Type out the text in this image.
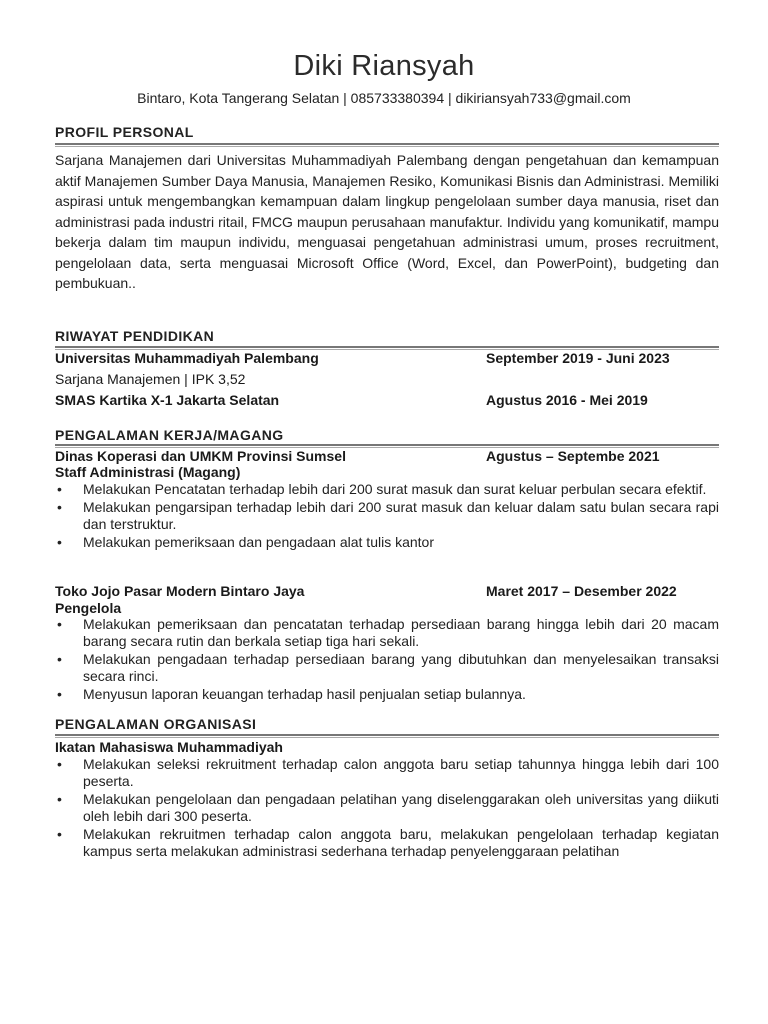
Diki Riansyah
Bintaro, Kota Tangerang Selatan | 085733380394 | dikiriansyah733@gmail.com
PROFIL PERSONAL
Sarjana Manajemen dari Universitas Muhammadiyah Palembang dengan pengetahuan dan kemampuan aktif Manajemen Sumber Daya Manusia, Manajemen Resiko, Komunikasi Bisnis dan Administrasi. Memiliki aspirasi untuk mengembangkan kemampuan dalam lingkup pengelolaan sumber daya manusia, riset dan administrasi pada industri ritail, FMCG maupun perusahaan manufaktur. Individu yang komunikatif, mampu bekerja dalam tim maupun individu, menguasai pengetahuan administrasi umum, proses recruitment, pengelolaan data, serta menguasai Microsoft Office (Word, Excel, dan PowerPoint), budgeting dan pembukuan..
RIWAYAT PENDIDIKAN
Universitas Muhammadiyah Palembang	September 2019 - Juni 2023
Sarjana Manajemen | IPK 3,52
SMAS Kartika X-1 Jakarta Selatan	Agustus 2016 - Mei 2019
PENGALAMAN KERJA/MAGANG
Dinas Koperasi dan UMKM Provinsi Sumsel	Agustus – Septembe 2021
Staff Administrasi (Magang)
• Melakukan Pencatatan terhadap lebih dari 200 surat masuk dan surat keluar perbulan secara efektif.
• Melakukan pengarsipan terhadap lebih dari 200 surat masuk dan keluar dalam satu bulan secara rapi dan terstruktur.
• Melakukan pemeriksaan dan pengadaan alat tulis kantor
Toko Jojo Pasar Modern Bintaro Jaya	Maret 2017 – Desember 2022
Pengelola
• Melakukan pemeriksaan dan pencatatan terhadap persediaan barang hingga lebih dari 20 macam barang secara rutin dan berkala setiap tiga hari sekali.
• Melakukan pengadaan terhadap persediaan barang yang dibutuhkan dan menyelesaikan transaksi secara rinci.
• Menyusun laporan keuangan terhadap hasil penjualan setiap bulannya.
PENGALAMAN ORGANISASI
Ikatan Mahasiswa Muhammadiyah
• Melakukan seleksi rekruitment terhadap calon anggota baru setiap tahunnya hingga lebih dari 100 peserta.
• Melakukan pengelolaan dan pengadaan pelatihan yang diselenggarakan oleh universitas yang diikuti oleh lebih dari 300 peserta.
• Melakukan rekruitmen terhadap calon anggota baru, melakukan pengelolaan terhadap kegiatan kampus serta melakukan administrasi sederhana terhadap penyelenggaraan pelatihan
